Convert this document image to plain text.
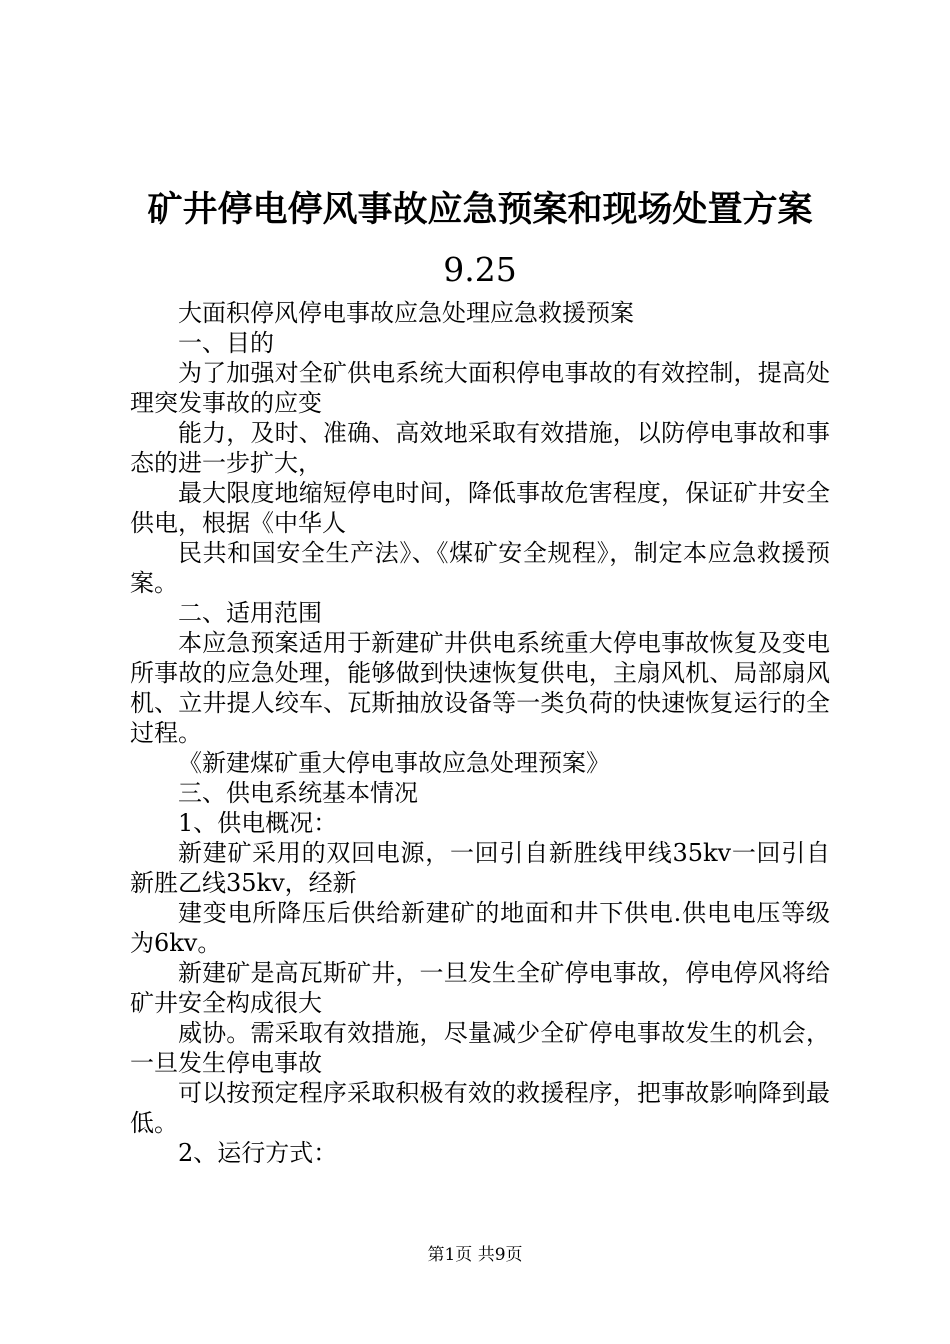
矿井停电停风事故应急预案和现场处置方案
9.25

大面积停风停电事故应急处理应急救援预案

一、目的

为了加强对全矿供电系统大面积停电事故的有效控制，提高处理突发事故的应变

能力，及时、准确、高效地采取有效措施，以防停电事故和事态的进一步扩大，

最大限度地缩短停电时间，降低事故危害程度，保证矿井安全供电，根据《中华人

民共和国安全生产法》、《煤矿安全规程》，制定本应急救援预案。

二、适用范围

本应急预案适用于新建矿井供电系统重大停电事故恢复及变电所事故的应急处理，能够做到快速恢复供电，主扇风机、局部扇风机、立井提人绞车、瓦斯抽放设备等一类负荷的快速恢复运行的全过程。

《新建煤矿重大停电事故应急处理预案》

三、供电系统基本情况

1、供电概况：

新建矿采用的双回电源，一回引自新胜线甲线35kv一回引自新胜乙线35kv，经新

建变电所降压后供给新建矿的地面和井下供电.供电电压等级为6kv。

新建矿是高瓦斯矿井，一旦发生全矿停电事故，停电停风将给矿井安全构成很大

威协。需采取有效措施，尽量减少全矿停电事故发生的机会，一旦发生停电事故

可以按预定程序采取积极有效的救援程序，把事故影响降到最低。

2、运行方式：

第1页 共9页
